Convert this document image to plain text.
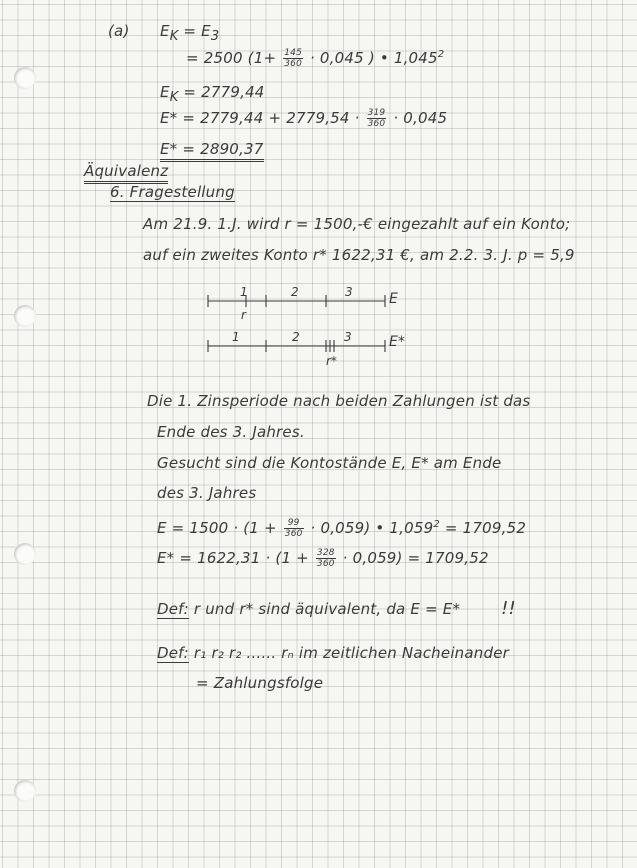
(a) $E_K = E_3$
= 2500 ($1+ \frac{145}{360} \cdot 0,045$ ) • 1,045$^2$
$E_K = 2779,44$
$E* = 2779,44 + 2779,54 \cdot \frac{319}{360} \cdot 0,045$
E* = 2890,37
Äquivalenz
6. Fragestellung
Am 21.9. 1.J. wird r = 1500,-€ eingezahlt auf ein Konto;
auf ein zweites Konto r* 1622,31 €, am 2.2. 3. J. p = 5,9
1	2	3	E
r
1	2	3	E*
r*
Die 1. Zinsperiode nach beiden Zahlungen ist das
Ende des 3. Jahres.
Gesucht sind die Kontostände E, E* am Ende
des 3. Jahres
$E = 1500 \cdot (1 + \frac{99}{360} \cdot 0,059)$ • $1,059^2 = 1709,52$
$E* = 1622,31 \cdot (1 + \frac{328}{360} \cdot 0,059) = 1709,52$
Def: r und r* sind äquivalent, da E = E* !!
Def: r₁ r₂ r₂ ...... rₙ im zeitlichen Nacheinander
= Zahlungsfolge
